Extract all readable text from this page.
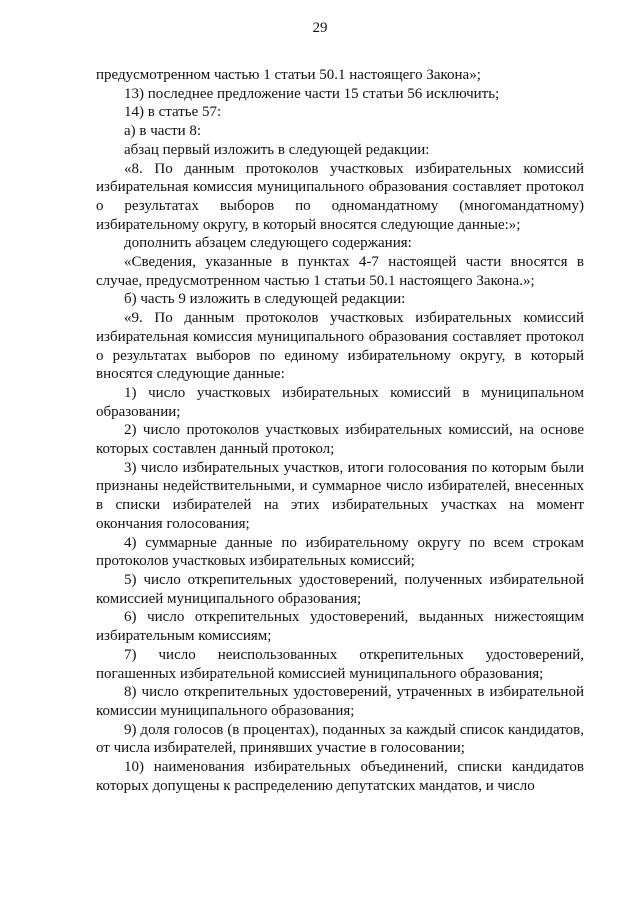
29

предусмотренном частью 1 статьи 50.1 настоящего Закона»;

13) последнее предложение части 15 статьи 56 исключить;

14) в статье 57:

а) в части 8:

абзац первый изложить в следующей редакции:

«8. По данным протоколов участковых избирательных комиссий избирательная комиссия муниципального образования составляет протокол о результатах выборов по одномандатному (многомандатному) избирательному округу, в который вносятся следующие данные:»;

дополнить абзацем следующего содержания:

«Сведения, указанные в пунктах 4-7 настоящей части вносятся в случае, предусмотренном частью 1 статьи 50.1 настоящего Закона.»;

б) часть 9 изложить в следующей редакции:

«9. По данным протоколов участковых избирательных комиссий избирательная комиссия муниципального образования составляет протокол о результатах выборов по единому избирательному округу, в который вносятся следующие данные:

1) число участковых избирательных комиссий в муниципальном образовании;

2) число протоколов участковых избирательных комиссий, на основе которых составлен данный протокол;

3) число избирательных участков, итоги голосования по которым были признаны недействительными, и суммарное число избирателей, внесенных в списки избирателей на этих избирательных участках на момент окончания голосования;

4) суммарные данные по избирательному округу по всем строкам протоколов участковых избирательных комиссий;

5) число открепительных удостоверений, полученных избирательной комиссией муниципального образования;

6) число открепительных удостоверений, выданных нижестоящим избирательным комиссиям;

7) число неиспользованных открепительных удостоверений, погашенных избирательной комиссией муниципального образования;

8) число открепительных удостоверений, утраченных в избирательной комиссии муниципального образования;

9) доля голосов (в процентах), поданных за каждый список кандидатов, от числа избирателей, принявших участие в голосовании;

10) наименования избирательных объединений, списки кандидатов которых допущены к распределению депутатских мандатов, и число
